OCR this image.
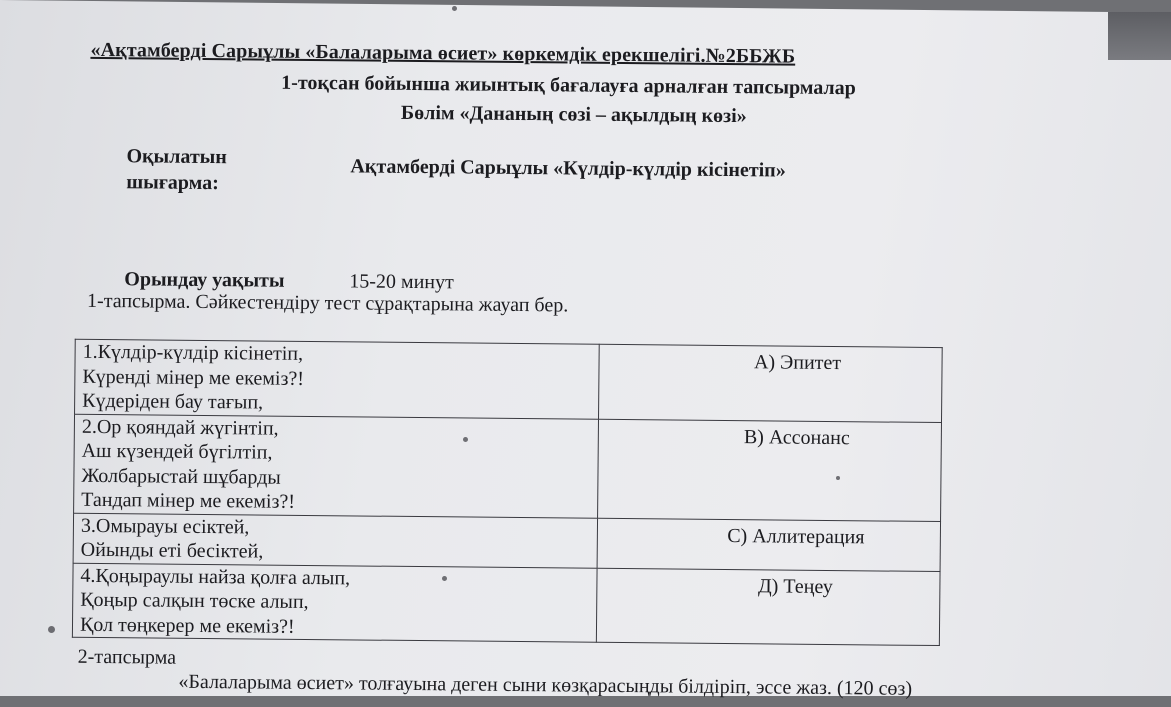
«Ақтамберді Сарыұлы «Балаларыма өсиет» көркемдік ерекшелігі.№2ББЖБ
1-тоқсан бойынша жиынтық бағалауға арналған тапсырмалар
Бөлім «Дананың сөзі – ақылдың көзі»
Оқылатын шығарма:
Ақтамберді Сарыұлы «Күлдір-күлдір кісінетіп»
Орындау уақыты	15-20 минут
1-тапсырма. Сәйкестендіру тест сұрақтарына жауап бер.
1.Күлдір-күлдір кісінетіп,
Күренді мінер ме екеміз?!
Күдеріден бау тағып,	А) Эпитет

2.Ор қояндай жүгінтіп,
Аш күзендей бүгілтіп,
Жолбарыстай шұбарды
Тандап мінер ме екеміз?!	В) Ассонанс

3.Омырауы есіктей,
Ойынды еті бесіктей,	С) Аллитерация

4.Қоңыраулы найза қолға алып,
Қоңыр салқын төске алып,
Қол төңкерер ме екеміз?!	Д) Теңеу
2-тапсырма
«Балаларыма өсиет» толғауына деген сыни көзқарасыңды білдіріп, эссе жаз. (120 сөз)
